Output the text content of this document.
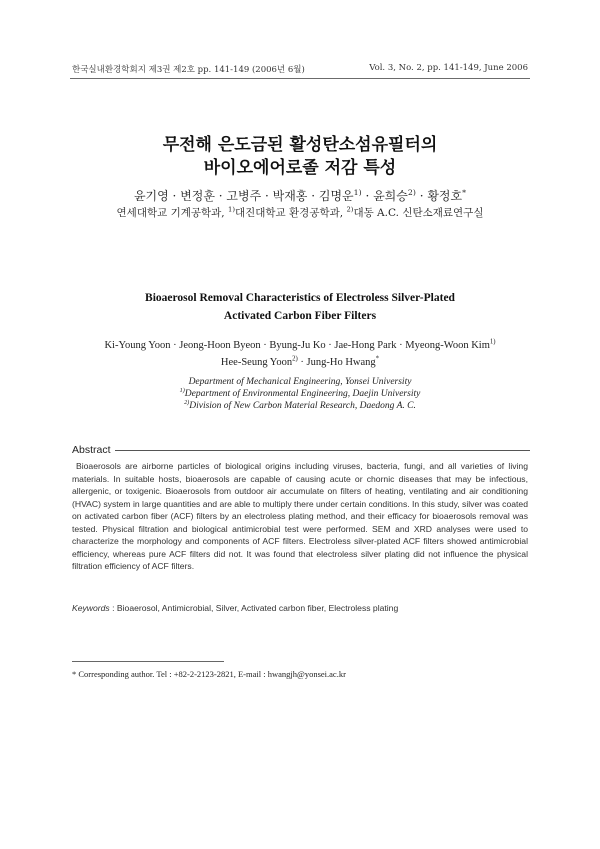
한국실내환경학회지 제3권 제2호 pp. 141-149 (2006년 6월)	Vol. 3, No. 2, pp. 141-149, June 2006
무전해 은도금된 활성탄소섬유필터의
바이오에어로졸 저감 특성
윤기영 · 변정훈 · 고병주 · 박재홍 · 김명운$^{1)}$ · 윤희승$^{2)}$ · 황정호*
연세대학교 기계공학과, $^{1)}$대진대학교 환경공학과, $^{2)}$대동 A.C. 신탄소재료연구실
Bioaerosol Removal Characteristics of Electroless Silver-Plated
Activated Carbon Fiber Filters
Ki-Young Yoon · Jeong-Hoon Byeon · Byung-Ju Ko · Jae-Hong Park · Myeong-Woon Kim$^{1)}$
Hee-Seung Yoon$^{2)}$ · Jung-Ho Hwang*
Department of Mechanical Engineering, Yonsei University
$^{1)}$Department of Environmental Engineering, Daejin University
$^{2)}$Division of New Carbon Material Research, Daedong A. C.
Abstract

Bioaerosols are airborne particles of biological origins including viruses, bacteria, fungi, and all varieties of living materials. In suitable hosts, bioaerosols are capable of causing acute or chornic diseases that may be infectious, allergenic, or toxigenic. Bioaerosols from outdoor air accumulate on filters of heating, ventilating and air conditioning (HVAC) system in large quantities and are able to multiply there under certain conditions. In this study, silver was coated on activated carbon fiber (ACF) filters by an electroless plating method, and their efficacy for bioaerosols removal was tested. Physical filtration and biological antimicrobial test were performed. SEM and XRD analyses were used to characterize the morphology and components of ACF filters. Electroless silver-plated ACF filters showed antimicrobial efficiency, whereas pure ACF filters did not. It was found that electroless silver plating did not influence the physical filtration efficiency of ACF filters.

Keywords : Bioaerosol, Antimicrobial, Silver, Activated carbon fiber, Electroless plating
* Corresponding author. Tel : +82-2-2123-2821, E-mail : hwangjh@yonsei.ac.kr
